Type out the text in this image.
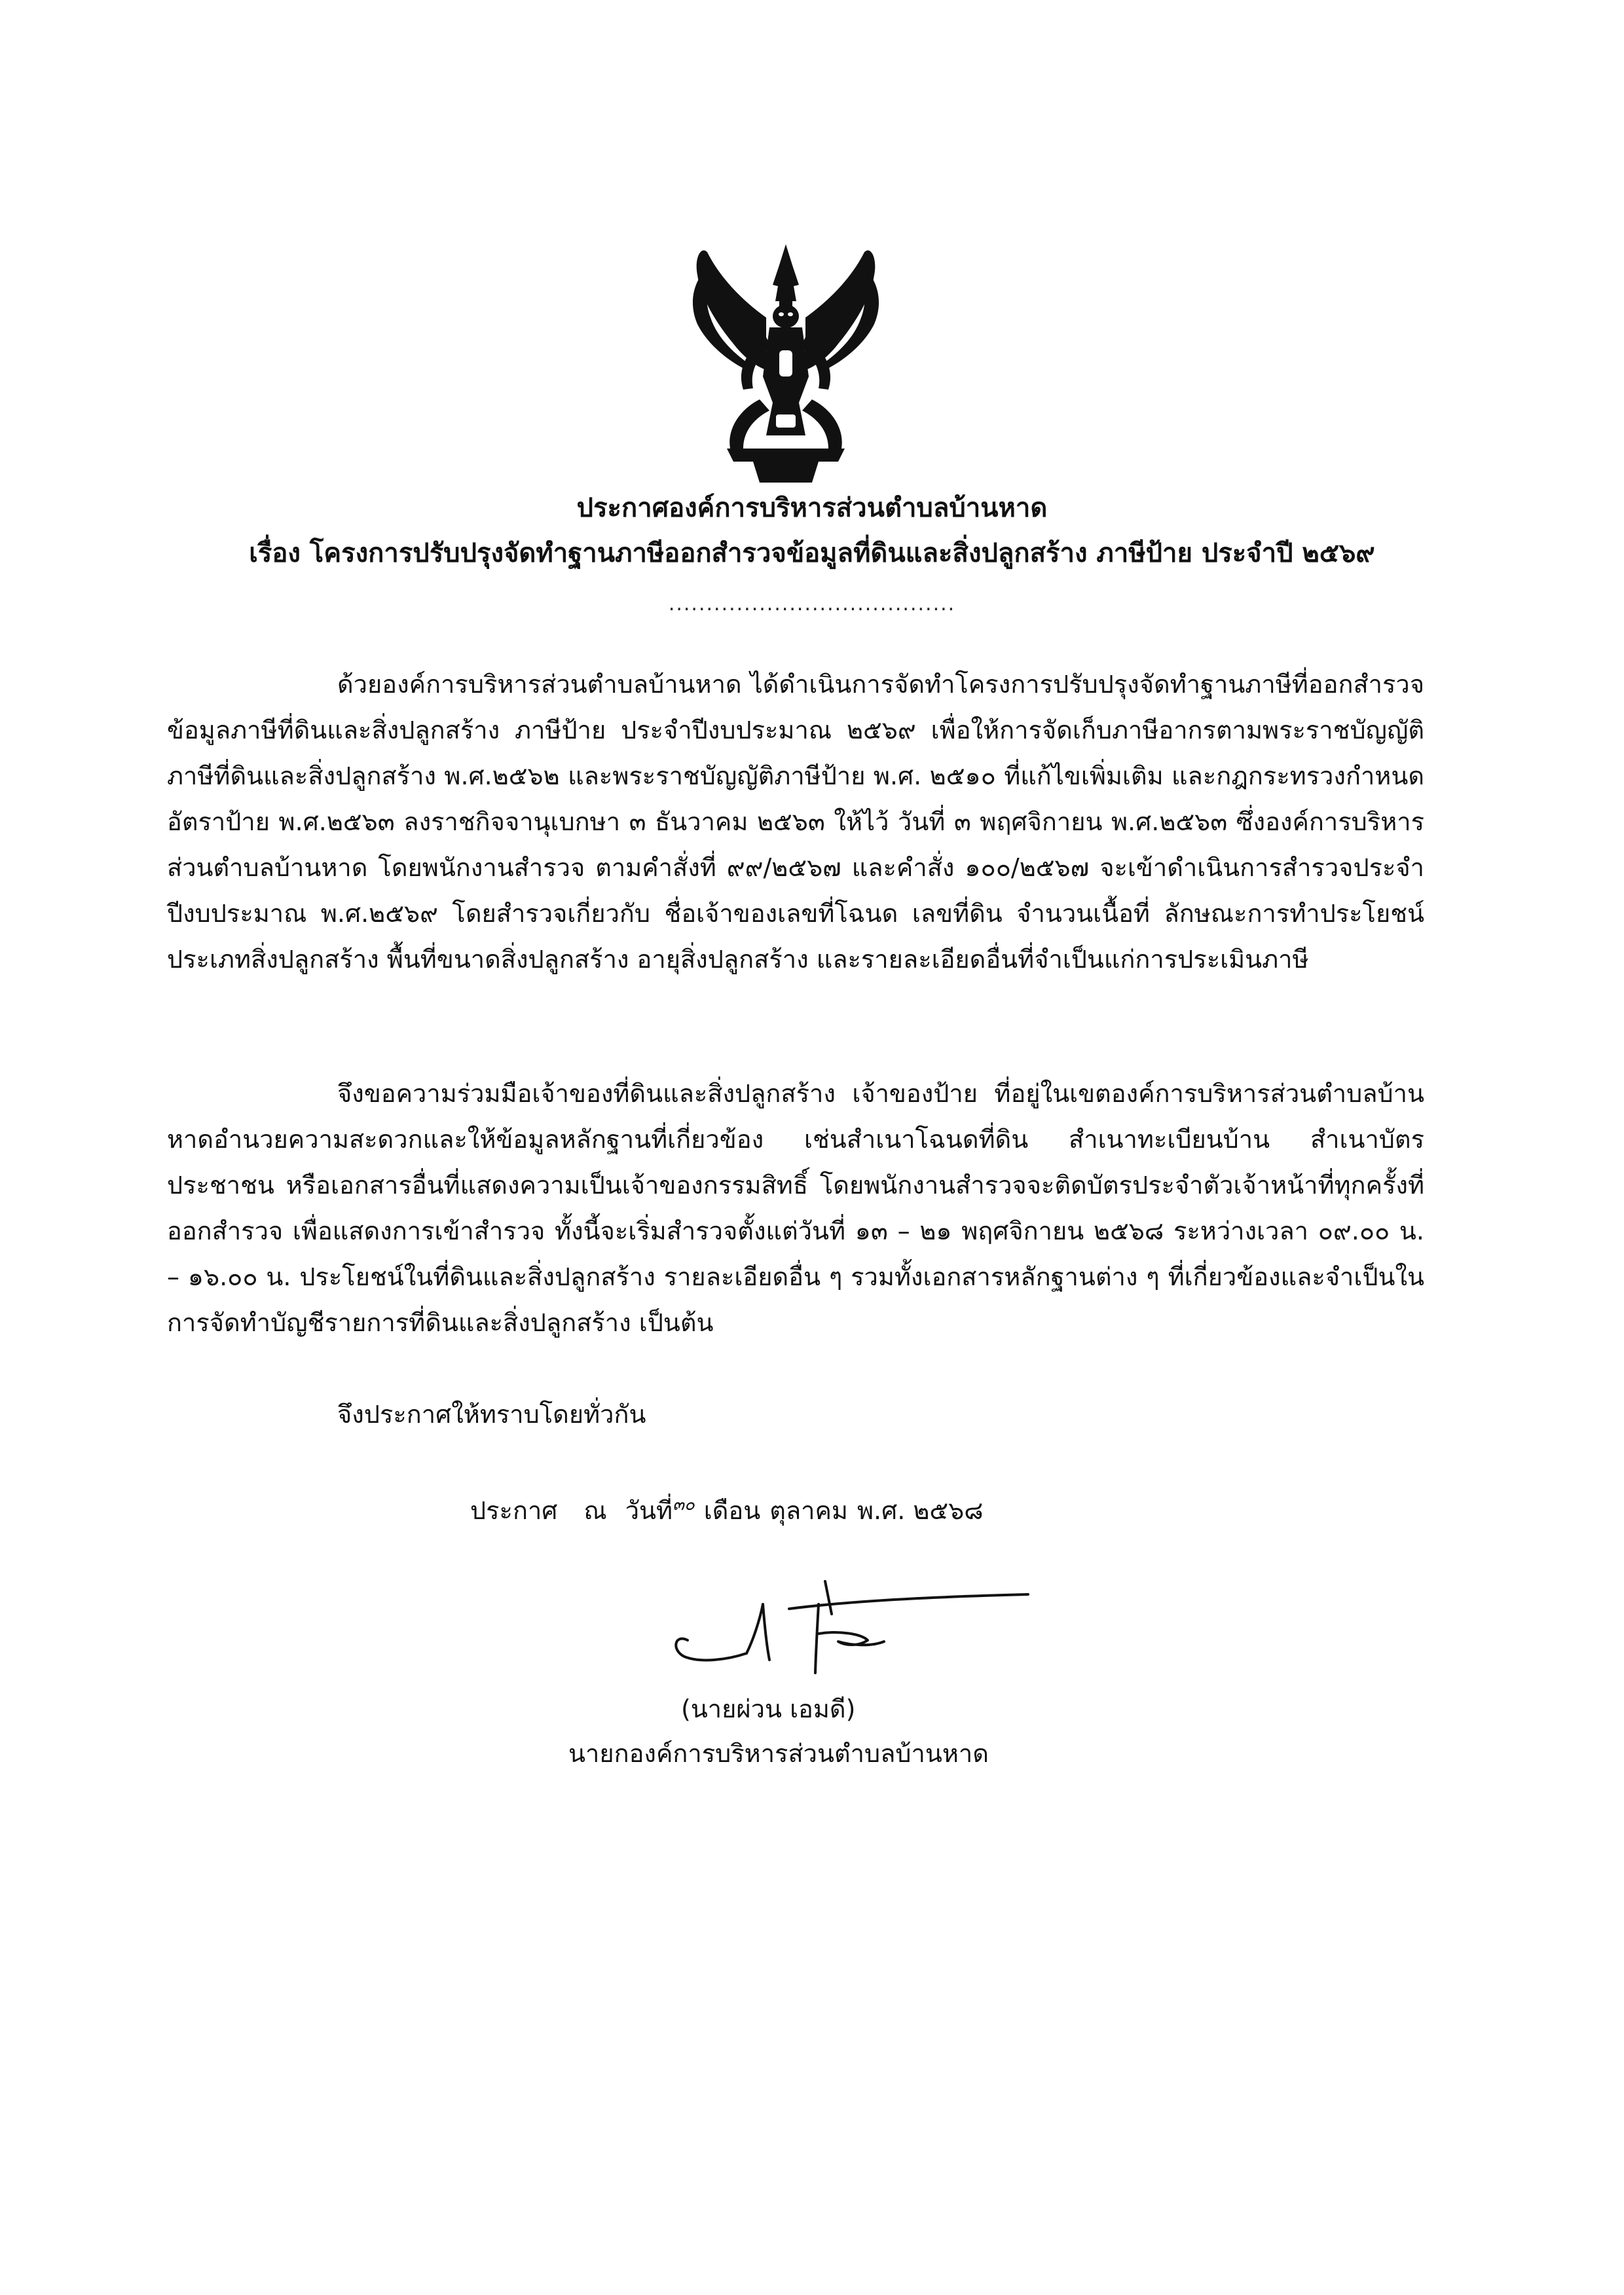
ประกาศองค์การบริหารส่วนตำบลบ้านหาด
เรื่อง โครงการปรับปรุงจัดทำฐานภาษีออกสำรวจข้อมูลที่ดินและสิ่งปลูกสร้าง ภาษีป้าย ประจำปี ๒๕๖๙
......................................
ด้วยองค์การบริหารส่วนตำบลบ้านหาด ได้ดำเนินการจัดทำโครงการปรับปรุงจัดทำฐานภาษีที่ออกสำรวจข้อมูลภาษีที่ดินและสิ่งปลูกสร้าง ภาษีป้าย ประจำปีงบประมาณ ๒๕๖๙ เพื่อให้การจัดเก็บภาษีอากรตามพระราชบัญญัติภาษีที่ดินและสิ่งปลูกสร้าง พ.ศ.๒๕๖๒ และพระราชบัญญัติภาษีป้าย พ.ศ. ๒๕๑๐ ที่แก้ไขเพิ่มเติม และกฎกระทรวงกำหนดอัตราป้าย พ.ศ.๒๕๖๓ ลงราชกิจจานุเบกษา ๓ ธันวาคม ๒๕๖๓ ให้ไว้ วันที่ ๓ พฤศจิกายน พ.ศ.๒๕๖๓ ซึ่งองค์การบริหารส่วนตำบลบ้านหาด โดยพนักงานสำรวจ ตามคำสั่งที่ ๙๙/๒๕๖๗ และคำสั่ง ๑๐๐/๒๕๖๗ จะเข้าดำเนินการสำรวจประจำปีงบประมาณ พ.ศ.๒๕๖๙ โดยสำรวจเกี่ยวกับ ชื่อเจ้าของเลขที่โฉนด เลขที่ดิน จำนวนเนื้อที่ ลักษณะการทำประโยชน์ ประเภทสิ่งปลูกสร้าง พื้นที่ขนาดสิ่งปลูกสร้าง อายุสิ่งปลูกสร้าง และรายละเอียดอื่นที่จำเป็นแก่การประเมินภาษี
จึงขอความร่วมมือเจ้าของที่ดินและสิ่งปลูกสร้าง เจ้าของป้าย ที่อยู่ในเขตองค์การบริหารส่วนตำบลบ้านหาดอำนวยความสะดวกและให้ข้อมูลหลักฐานที่เกี่ยวข้อง เช่นสำเนาโฉนดที่ดิน สำเนาทะเบียนบ้าน สำเนาบัตรประชาชน หรือเอกสารอื่นที่แสดงความเป็นเจ้าของกรรมสิทธิ์ โดยพนักงานสำรวจจะติดบัตรประจำตัวเจ้าหน้าที่ทุกครั้งที่ออกสำรวจ เพื่อแสดงการเข้าสำรวจ ทั้งนี้จะเริ่มสำรวจตั้งแต่วันที่ ๑๓ – ๒๑ พฤศจิกายน ๒๕๖๘ ระหว่างเวลา ๐๙.๐๐ น. – ๑๖.๐๐ น. ประโยชน์ในที่ดินและสิ่งปลูกสร้าง รายละเอียดอื่น ๆ รวมทั้งเอกสารหลักฐานต่าง ๆ ที่เกี่ยวข้องและจำเป็นในการจัดทำบัญชีรายการที่ดินและสิ่งปลูกสร้าง เป็นต้น
จึงประกาศให้ทราบโดยทั่วกัน
ประกาศ ณ วันที่๓๐ เดือน ตุลาคม พ.ศ. ๒๕๖๘
(นายผ่วน เอมดี)
นายกองค์การบริหารส่วนตำบลบ้านหาด
